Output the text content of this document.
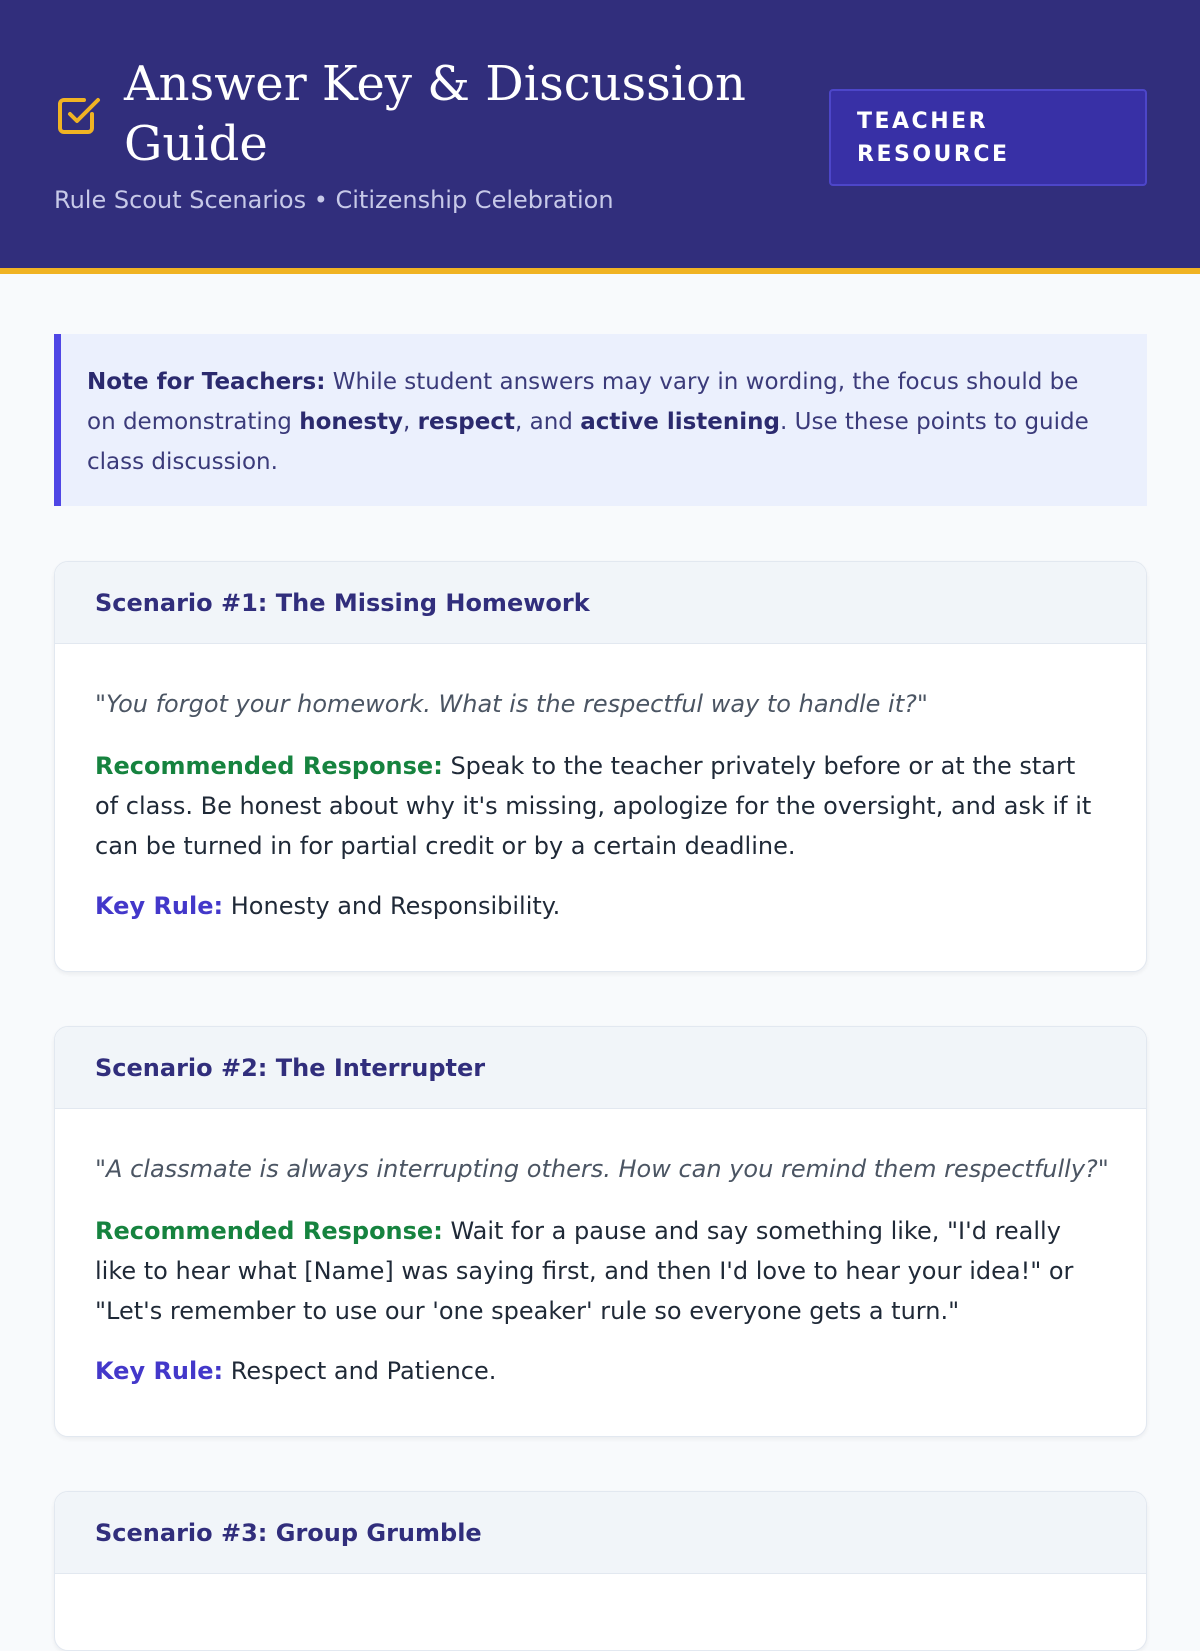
Answer Key & Discussion Guide
Rule Scout Scenarios • Citizenship Celebration
TEACHER RESOURCE
Note for Teachers: While student answers may vary in wording, the focus should be on demonstrating honesty, respect, and active listening. Use these points to guide class discussion.
Scenario #1: The Missing Homework
"You forgot your homework. What is the respectful way to handle it?"
Recommended Response: Speak to the teacher privately before or at the start of class. Be honest about why it's missing, apologize for the oversight, and ask if it can be turned in for partial credit or by a certain deadline.
Key Rule: Honesty and Responsibility.
Scenario #2: The Interrupter
"A classmate is always interrupting others. How can you remind them respectfully?"
Recommended Response: Wait for a pause and say something like, "I'd really like to hear what [Name] was saying first, and then I'd love to hear your idea!" or "Let's remember to use our 'one speaker' rule so everyone gets a turn."
Key Rule: Respect and Patience.
Scenario #3: Group Grumble
